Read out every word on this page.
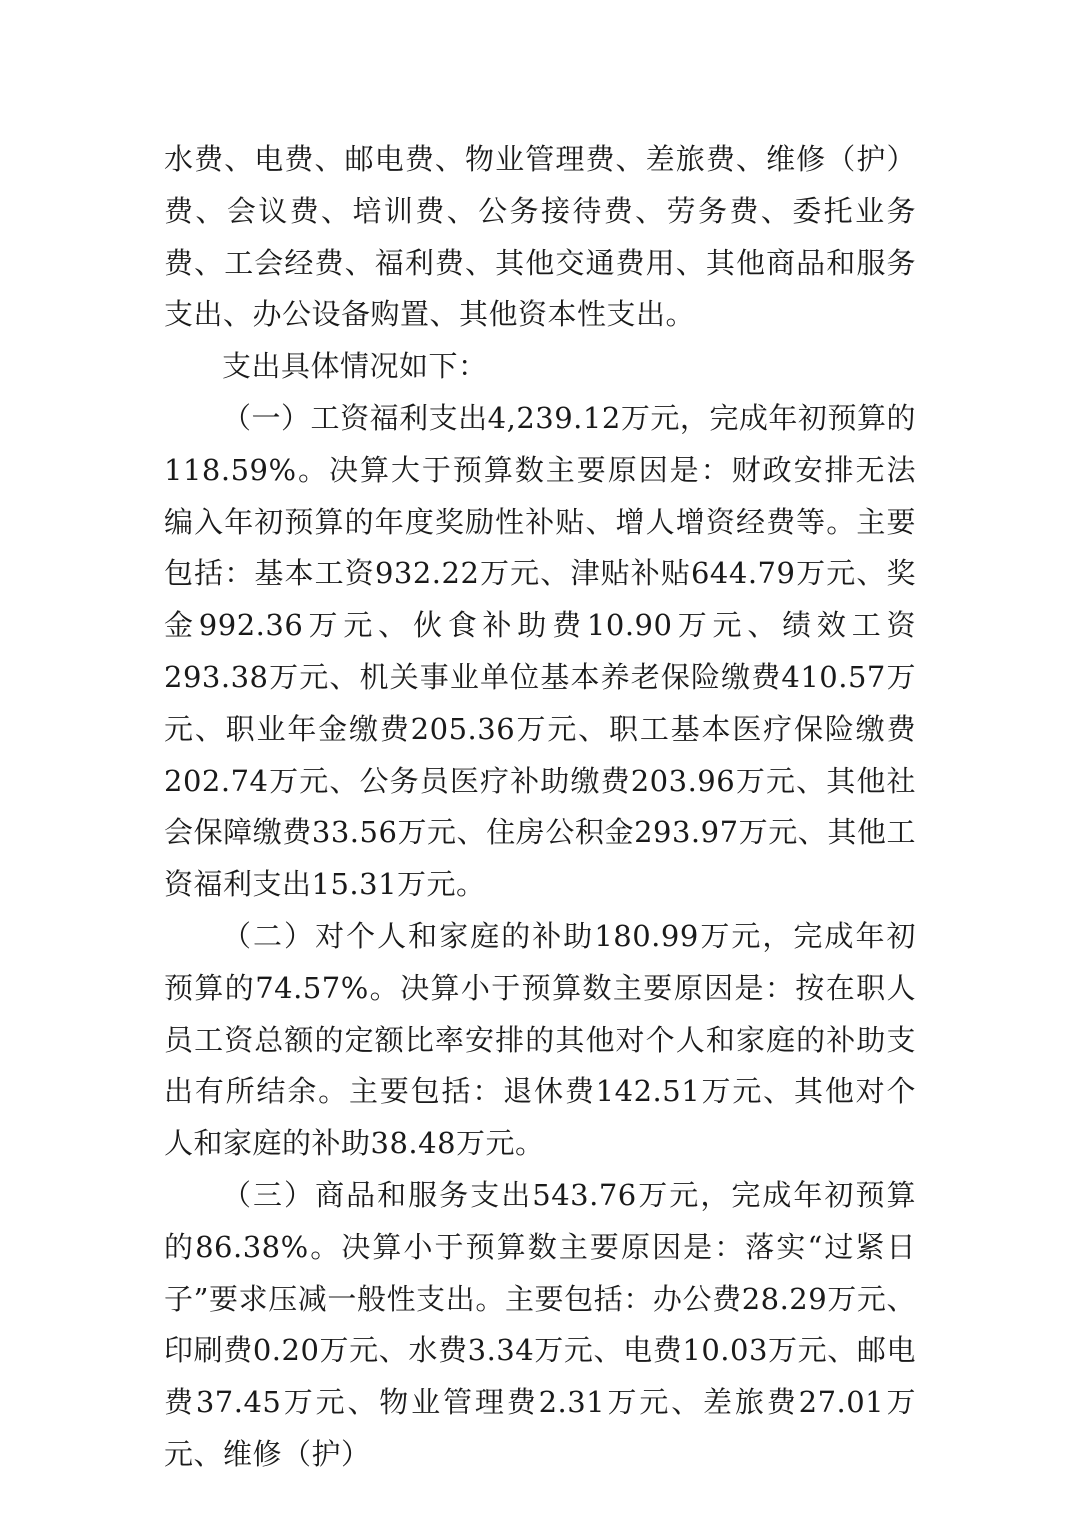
水费、电费、邮电费、物业管理费、差旅费、维修（护）费、会议费、培训费、公务接待费、劳务费、委托业务费、工会经费、福利费、其他交通费用、其他商品和服务支出、办公设备购置、其他资本性支出。

支出具体情况如下：

（一）工资福利支出4,239.12万元，完成年初预算的118.59%。决算大于预算数主要原因是：财政安排无法编入年初预算的年度奖励性补贴、增人增资经费等。主要包括：基本工资932.22万元、津贴补贴644.79万元、奖金992.36万元、伙食补助费10.90万元、绩效工资293.38万元、机关事业单位基本养老保险缴费410.57万元、职业年金缴费205.36万元、职工基本医疗保险缴费202.74万元、公务员医疗补助缴费203.96万元、其他社会保障缴费33.56万元、住房公积金293.97万元、其他工资福利支出15.31万元。

（二）对个人和家庭的补助180.99万元，完成年初预算的74.57%。决算小于预算数主要原因是：按在职人员工资总额的定额比率安排的其他对个人和家庭的补助支出有所结余。主要包括：退休费142.51万元、其他对个人和家庭的补助38.48万元。

（三）商品和服务支出543.76万元，完成年初预算的86.38%。决算小于预算数主要原因是：落实“过紧日子”要求压减一般性支出。主要包括：办公费28.29万元、印刷费0.20万元、水费3.34万元、电费10.03万元、邮电费37.45万元、物业管理费2.31万元、差旅费27.01万元、维修（护）
